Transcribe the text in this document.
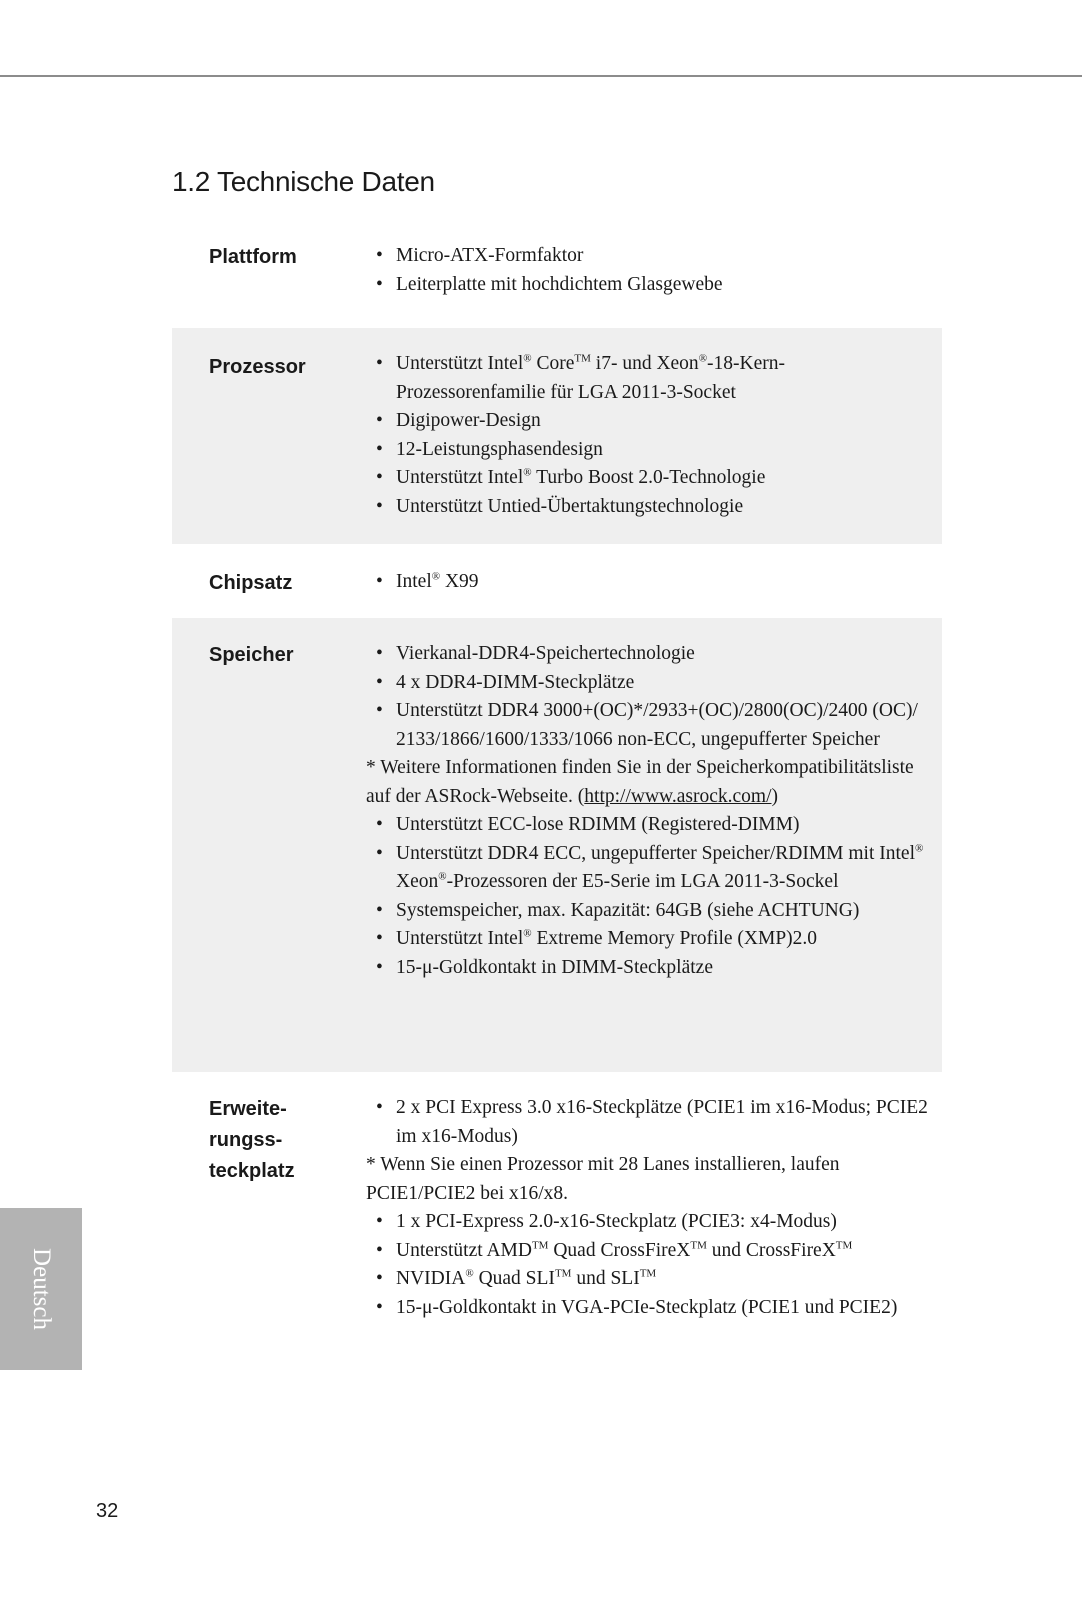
1.2 Technische Daten
Plattform	• Micro-ATX-Formfaktor
• Leiterplatte mit hochdichtem Glasgewebe
Prozessor	• Unterstützt Intel® Core™ i7- und Xeon®-18-Kern-Prozessorenfamilie für LGA 2011-3-Socket
• Digipower-Design
• 12-Leistungsphasendesign
• Unterstützt Intel® Turbo Boost 2.0-Technologie
• Unterstützt Untied-Übertaktungstechnologie
Chipsatz	• Intel® X99
Speicher	• Vierkanal-DDR4-Speichertechnologie
• 4 x DDR4-DIMM-Steckplätze
• Unterstützt DDR4 3000+(OC)*/2933+(OC)/2800(OC)/2400 (OC)/ 2133/1866/1600/1333/1066 non-ECC, ungepufferter Speicher
* Weitere Informationen finden Sie in der Speicherkompatibilitätsliste auf der ASRock-Webseite. (http://www.asrock.com/)
• Unterstützt ECC-lose RDIMM (Registered-DIMM)
• Unterstützt DDR4 ECC, ungepufferter Speicher/RDIMM mit Intel® Xeon®-Prozessoren der E5-Serie im LGA 2011-3-Sockel
• Systemspeicher, max. Kapazität: 64GB (siehe ACHTUNG)
• Unterstützt Intel® Extreme Memory Profile (XMP)2.0
• 15-μ-Goldkontakt in DIMM-Steckplätze
Erweite-
rungss-
teckplatz
• 2 x PCI Express 3.0 x16-Steckplätze (PCIE1 im x16-Modus; PCIE2 im x16-Modus)
* Wenn Sie einen Prozessor mit 28 Lanes installieren, laufen PCIE1/PCIE2 bei x16/x8.
• 1 x PCI-Express 2.0-x16-Steckplatz (PCIE3: x4-Modus)
• Unterstützt AMD™ Quad CrossFireX™ und CrossFireX™
• NVIDIA® Quad SLI™ und SLI™
• 15-μ-Goldkontakt in VGA-PCIe-Steckplatz (PCIE1 und PCIE2)
Deutsch
32
